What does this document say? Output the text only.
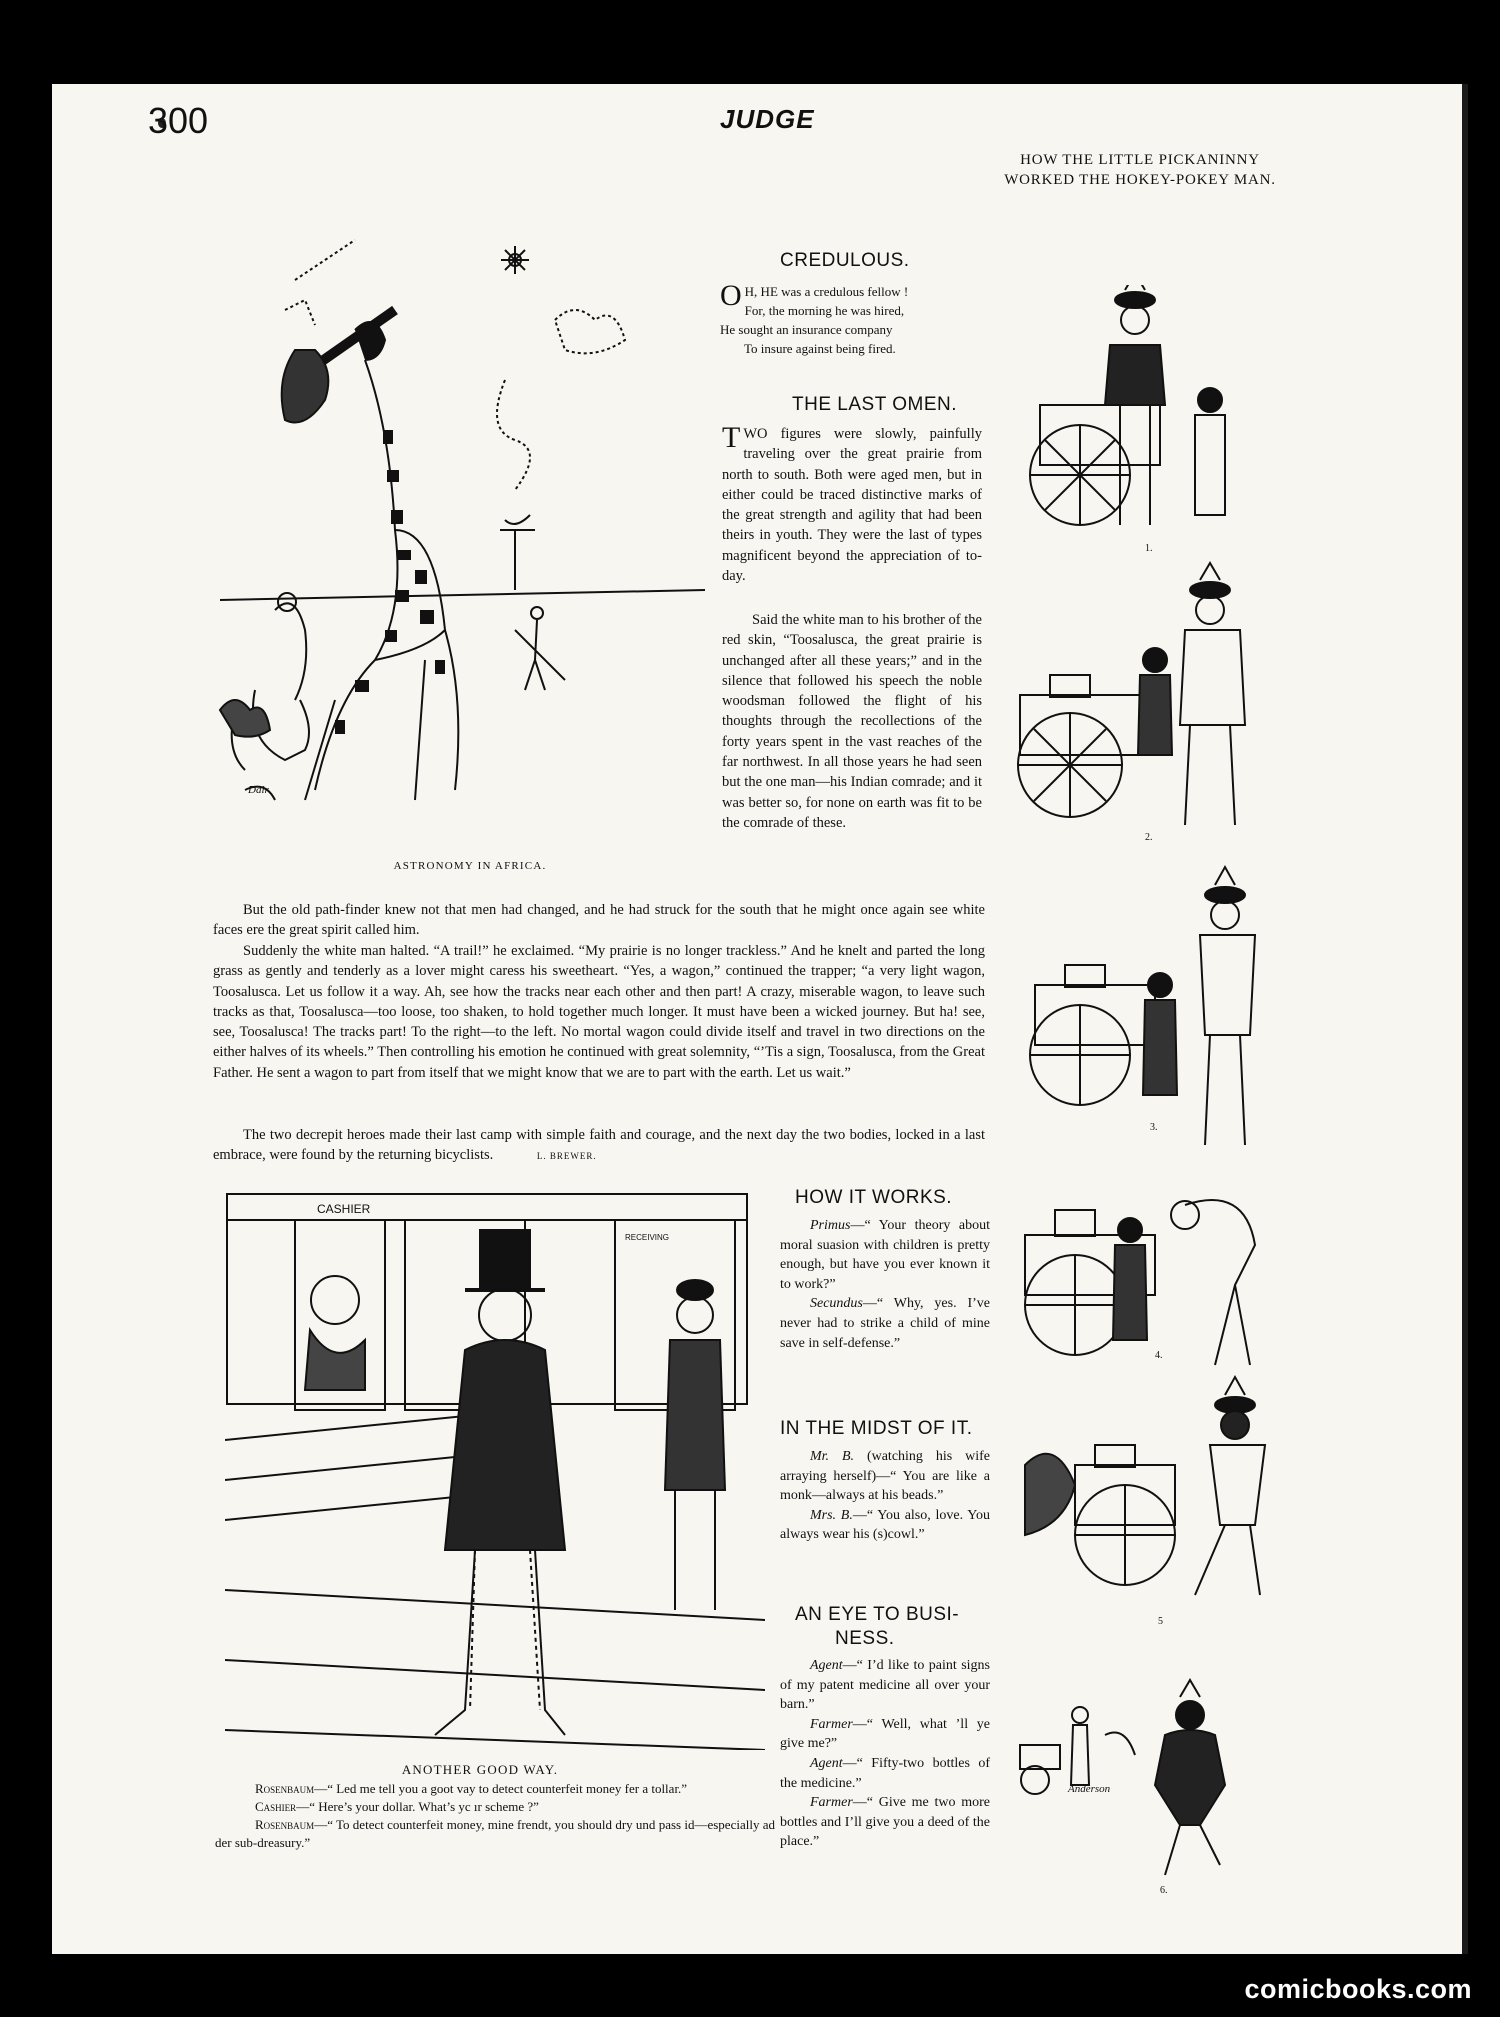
300	JUDGE
Dalr
ASTRONOMY IN AFRICA.
CREDULOUS.
O H, HE was a credulous fellow !
For, the morning he was hired,
He sought an insurance company
To insure against being fired.
THE LAST OMEN.
TWO figures were slowly, painfully traveling over the great prairie from north to south. Both were aged men, but in either could be traced distinctive marks of the great strength and agility that had been theirs in youth. They were the last of types magnificent beyond the appreciation of to-day.
Said the white man to his brother of the red skin, “Toosalusca, the great prairie is unchanged after all these years;” and in the silence that followed his speech the noble woodsman followed the flight of his thoughts through the recollections of the forty years spent in the vast reaches of the far northwest. In all those years he had seen but the one man—his Indian comrade; and it was better so, for none on earth was fit to be the comrade of these.
But the old path-finder knew not that men had changed, and he had struck for the south that he might once again see white faces ere the great spirit called him.
Suddenly the white man halted. “A trail!” he exclaimed. “My prairie is no longer trackless.” And he knelt and parted the long grass as gently and tenderly as a lover might caress his sweetheart. “Yes, a wagon,” continued the trapper; “a very light wagon, Toosalusca. Let us follow it a way. Ah, see how the tracks near each other and then part! A crazy, miserable wagon, to leave such tracks as that, Toosalusca—too loose, too shaken, to hold together much longer. It must have been a wicked journey. But ha! see, see, Toosalusca! The tracks part! To the right—to the left. No mortal wagon could divide itself and travel in two directions on the either halves of its wheels.” Then controlling his emotion he continued with great solemnity, “’Tis a sign, Toosalusca, from the Great Father. He sent a wagon to part from itself that we might know that we are to part with the earth. Let us wait.”
The two decrepit heroes made their last camp with simple faith and courage, and the next day the two bodies, locked in a last embrace, were found by the returning bicyclists.	L. BREWER.
CASHIER
RECEIVING
ANOTHER GOOD WAY.
Rosenbaum—“ Led me tell you a goot vay to detect counterfeit money fer a tollar.”
Cashier—“ Here’s your dollar. What’s yc ır scheme ?”
Rosenbaum—“ To detect counterfeit money, mine frendt, you should dry und pass id—especially ad der sub-dreasury.”
HOW IT WORKS.
Primus—“ Your theory about moral suasion with children is pretty enough, but have you ever known it to work?”
Secundus—“ Why, yes. I’ve never had to strike a child of mine save in self-defense.”
IN THE MIDST OF IT.
Mr. B. (watching his wife arraying herself)—“ You are like a monk—always at his beads.”
Mrs. B.—“ You also, love. You always wear his (s)cowl.”
AN EYE TO BUSI-
NESS.
Agent—“ I’d like to paint signs of my patent medicine all over your barn.”
Farmer—“ Well, what ’ll ye give me?”
Agent—“ Fifty-two bottles of the medicine.”
Farmer—“ Give me two more bottles and I’ll give you a deed of the place.”
HOW THE LITTLE PICKANINNY
WORKED THE HOKEY-POKEY MAN.
1.
2.
3.
4.
5
6.
Anderson
comicbooks.com
